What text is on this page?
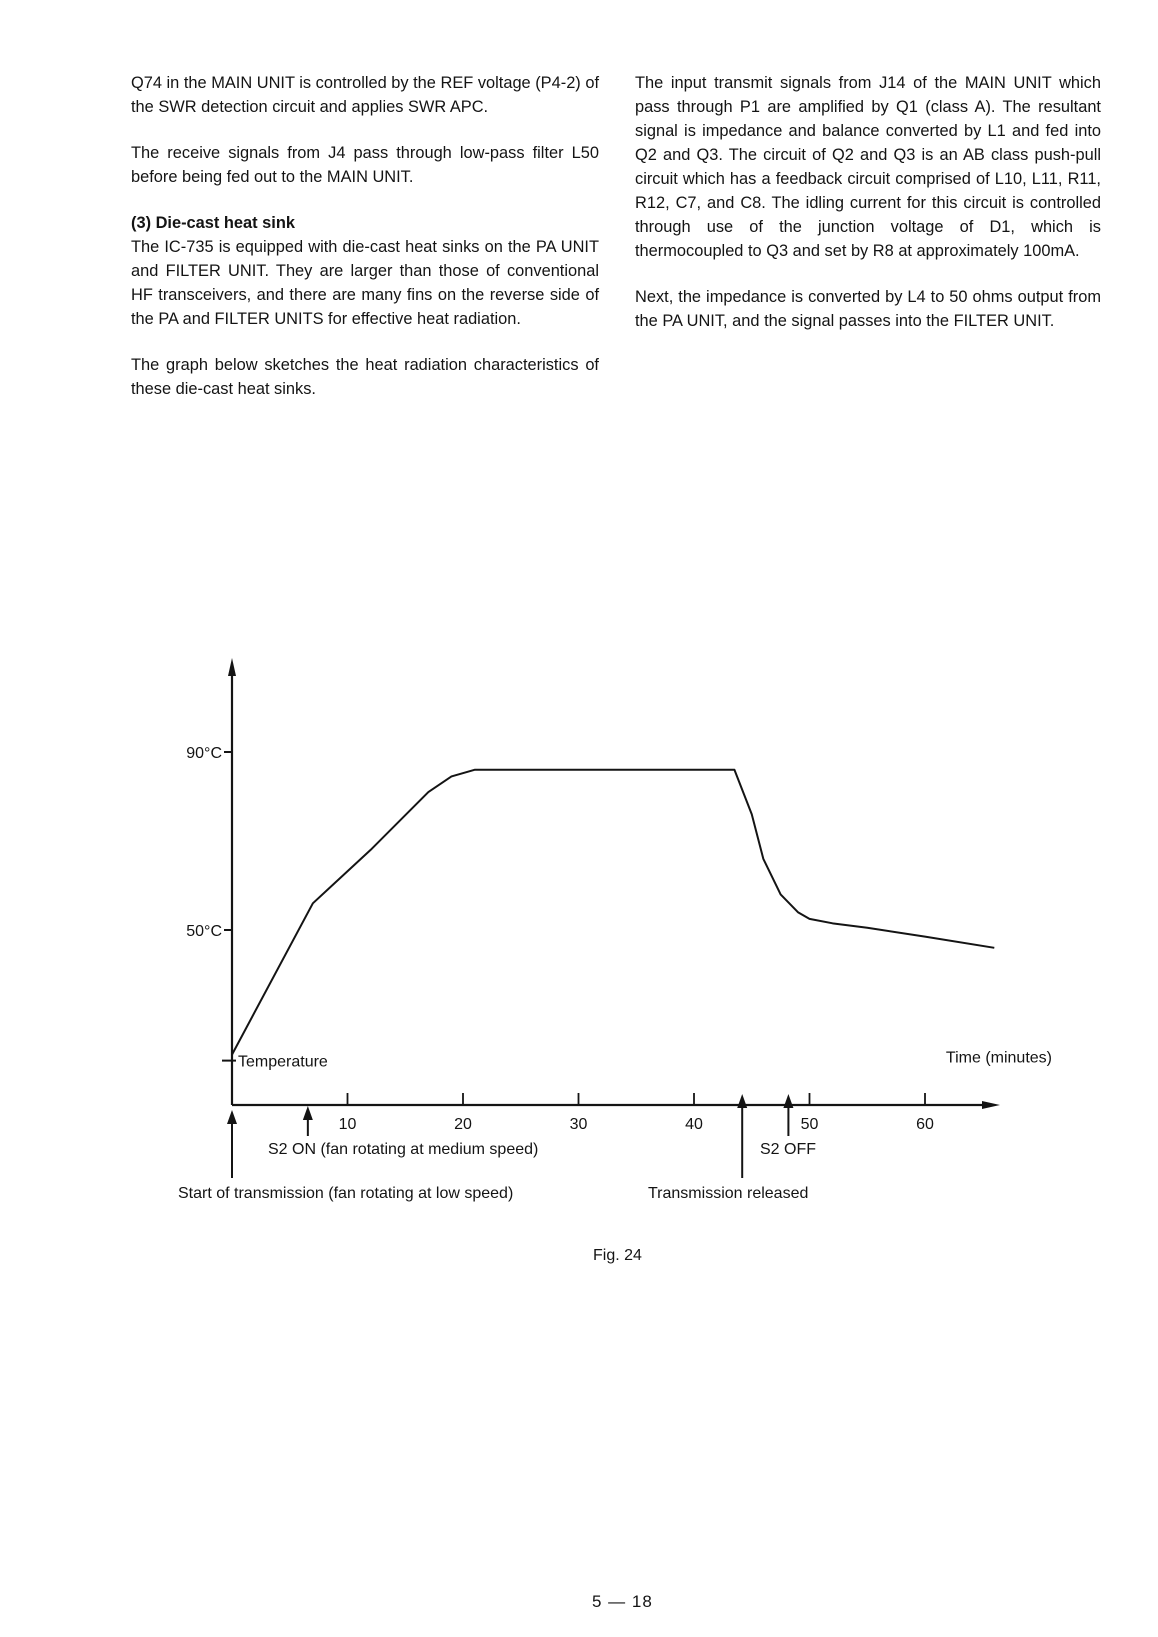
Q74 in the MAIN UNIT is controlled by the REF voltage (P4-2) of the SWR detection circuit and applies SWR APC.

The receive signals from J4 pass through low-pass filter L50 before being fed out to the MAIN UNIT.

(3) Die-cast heat sink
The IC-735 is equipped with die-cast heat sinks on the PA UNIT and FILTER UNIT. They are larger than those of conventional HF transceivers, and there are many fins on the reverse side of the PA and FILTER UNITS for effective heat radiation.

The graph below sketches the heat radiation characteristics of these die-cast heat sinks.

The input transmit signals from J14 of the MAIN UNIT which pass through P1 are amplified by Q1 (class A). The resultant signal is impedance and balance converted by L1 and fed into Q2 and Q3. The circuit of Q2 and Q3 is an AB class push-pull circuit which has a feedback circuit comprised of L10, L11, R11, R12, C7, and C8. The idling current for this circuit is controlled through use of the junction voltage of D1, which is thermocoupled to Q3 and set by R8 at approximately 100mA.

Next, the impedance is converted by L4 to 50 ohms output from the PA UNIT, and the signal passes into the FILTER UNIT.

50°C
90°C
Temperature	Time (minutes)
10	20	30	40	50	60
Start of transmission (fan rotating at low speed)
S2 ON (fan rotating at medium speed)
Transmission released
S2 OFF
Fig. 24
5 — 18
